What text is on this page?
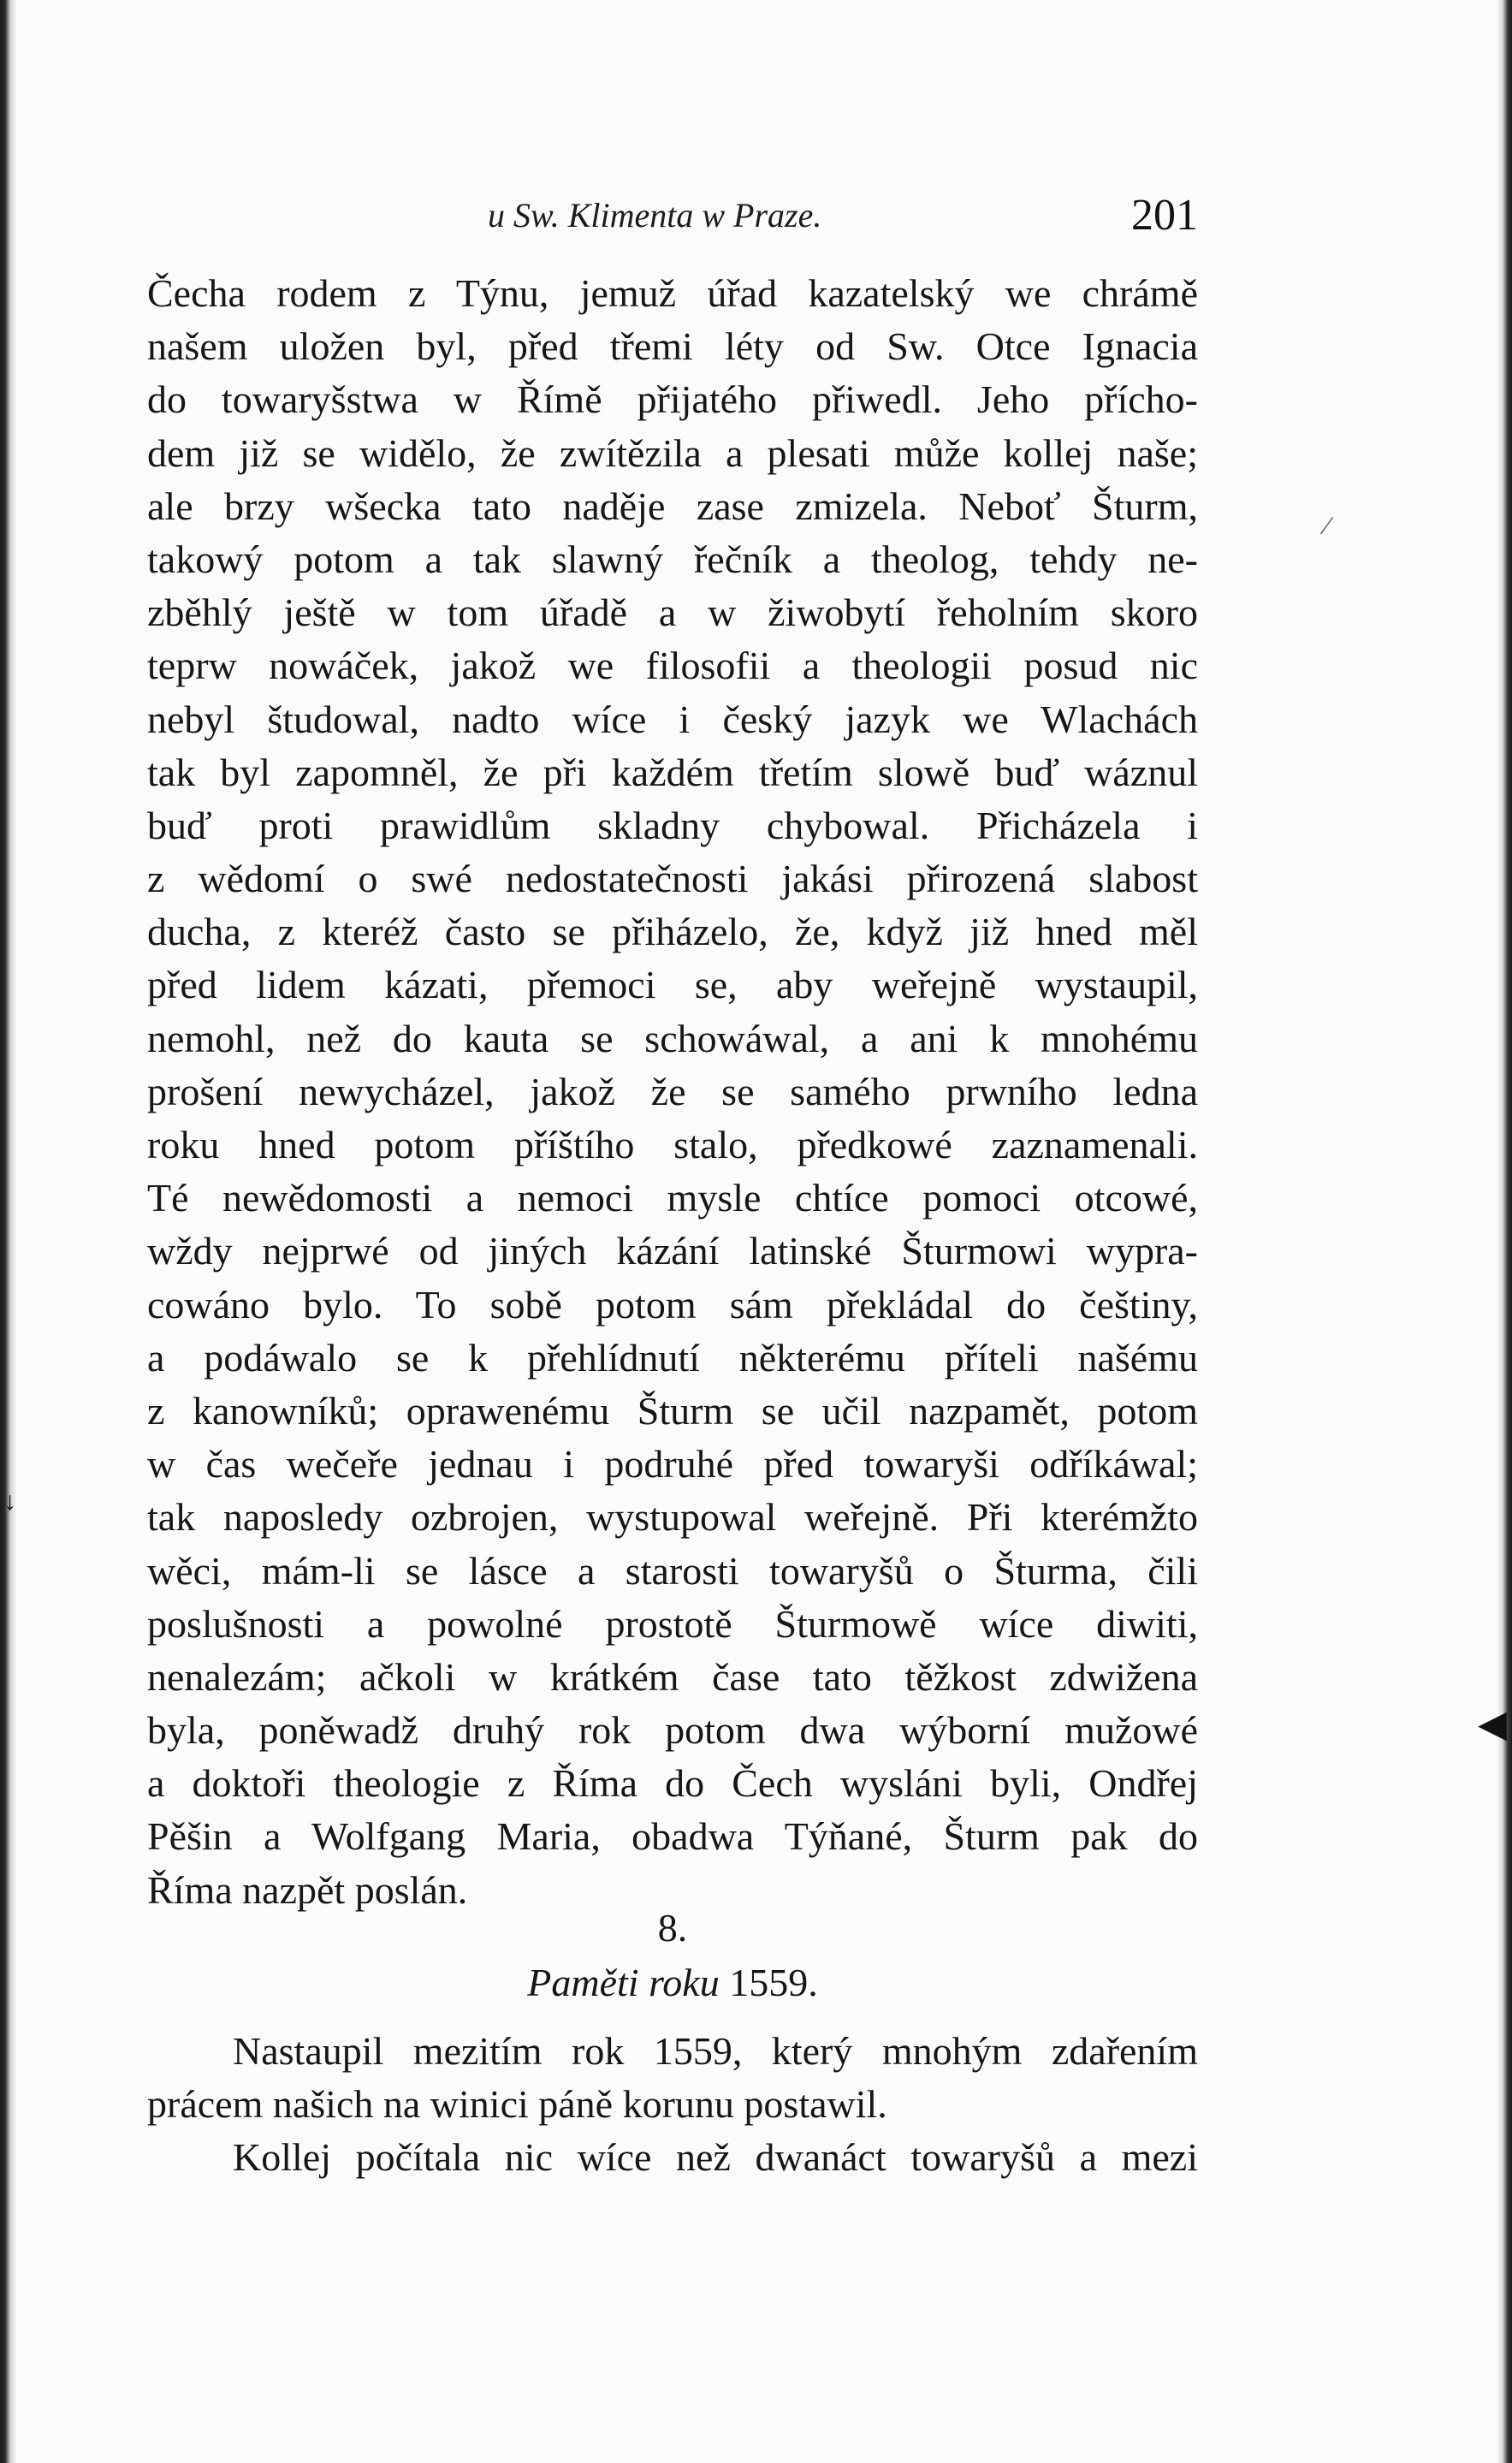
u Sw. Klimenta w Praze.	201
Čecha rodem z Týnu, jemuž úřad kazatelský we chrámě
našem uložen byl, před třemi léty od Sw. Otce Ignacia
do towaryšstwa w Římě přijatého přiwedl. Jeho přícho-
dem již se widělo, že zwítězila a plesati může kollej naše;
ale brzy wšecka tato naděje zase zmizela. Neboť Šturm,
takowý potom a tak slawný řečník a theolog, tehdy ne-
zběhlý ještě w tom úřadě a w žiwobytí řeholním skoro
teprw nowáček, jakož we filosofii a theologii posud nic
nebyl študowal, nadto wíce i český jazyk we Wlachách
tak byl zapomněl, že při každém třetím slowě buď wáznul
buď proti prawidlům skladny chybowal. Přicházela i
z wědomí o swé nedostatečnosti jakási přirozená slabost
ducha, z kteréž často se přiházelo, že, když již hned měl
před lidem kázati, přemoci se, aby weřejně wystaupil,
nemohl, než do kauta se schowáwal, a ani k mnohému
prošení newycházel, jakož že se samého prwního ledna
roku hned potom příštího stalo, předkowé zaznamenali.
Té newědomosti a nemoci mysle chtíce pomoci otcowé,
wždy nejprwé od jiných kázání latinské Šturmowi wypra-
cowáno bylo. To sobě potom sám překládal do češtiny,
a podáwalo se k přehlídnutí některému příteli našému
z kanowníků; oprawenému Šturm se učil nazpamět, potom
w čas wečeře jednau i podruhé před towaryši odříkáwal;
tak naposledy ozbrojen, wystupowal weřejně. Při kterémžto
wěci, mám-li se lásce a starosti towaryšů o Šturma, čili
poslušnosti a powolné prostotě Šturmowě wíce diwiti,
nenalezám; ačkoli w krátkém čase tato těžkost zdwižena
byla, poněwadž druhý rok potom dwa wýborní mužowé
a doktoři theologie z Říma do Čech wysláni byli, Ondřej
Pěšin a Wolfgang Maria, obadwa Týňané, Šturm pak do
Říma nazpět poslán.
8.
Paměti roku 1559.
Nastaupil mezitím rok 1559, který mnohým zdařením
prácem našich na winici páně korunu postawil.
Kollej počítala nic wíce než dwanáct towaryšů a mezi
⁄
◀
↓
